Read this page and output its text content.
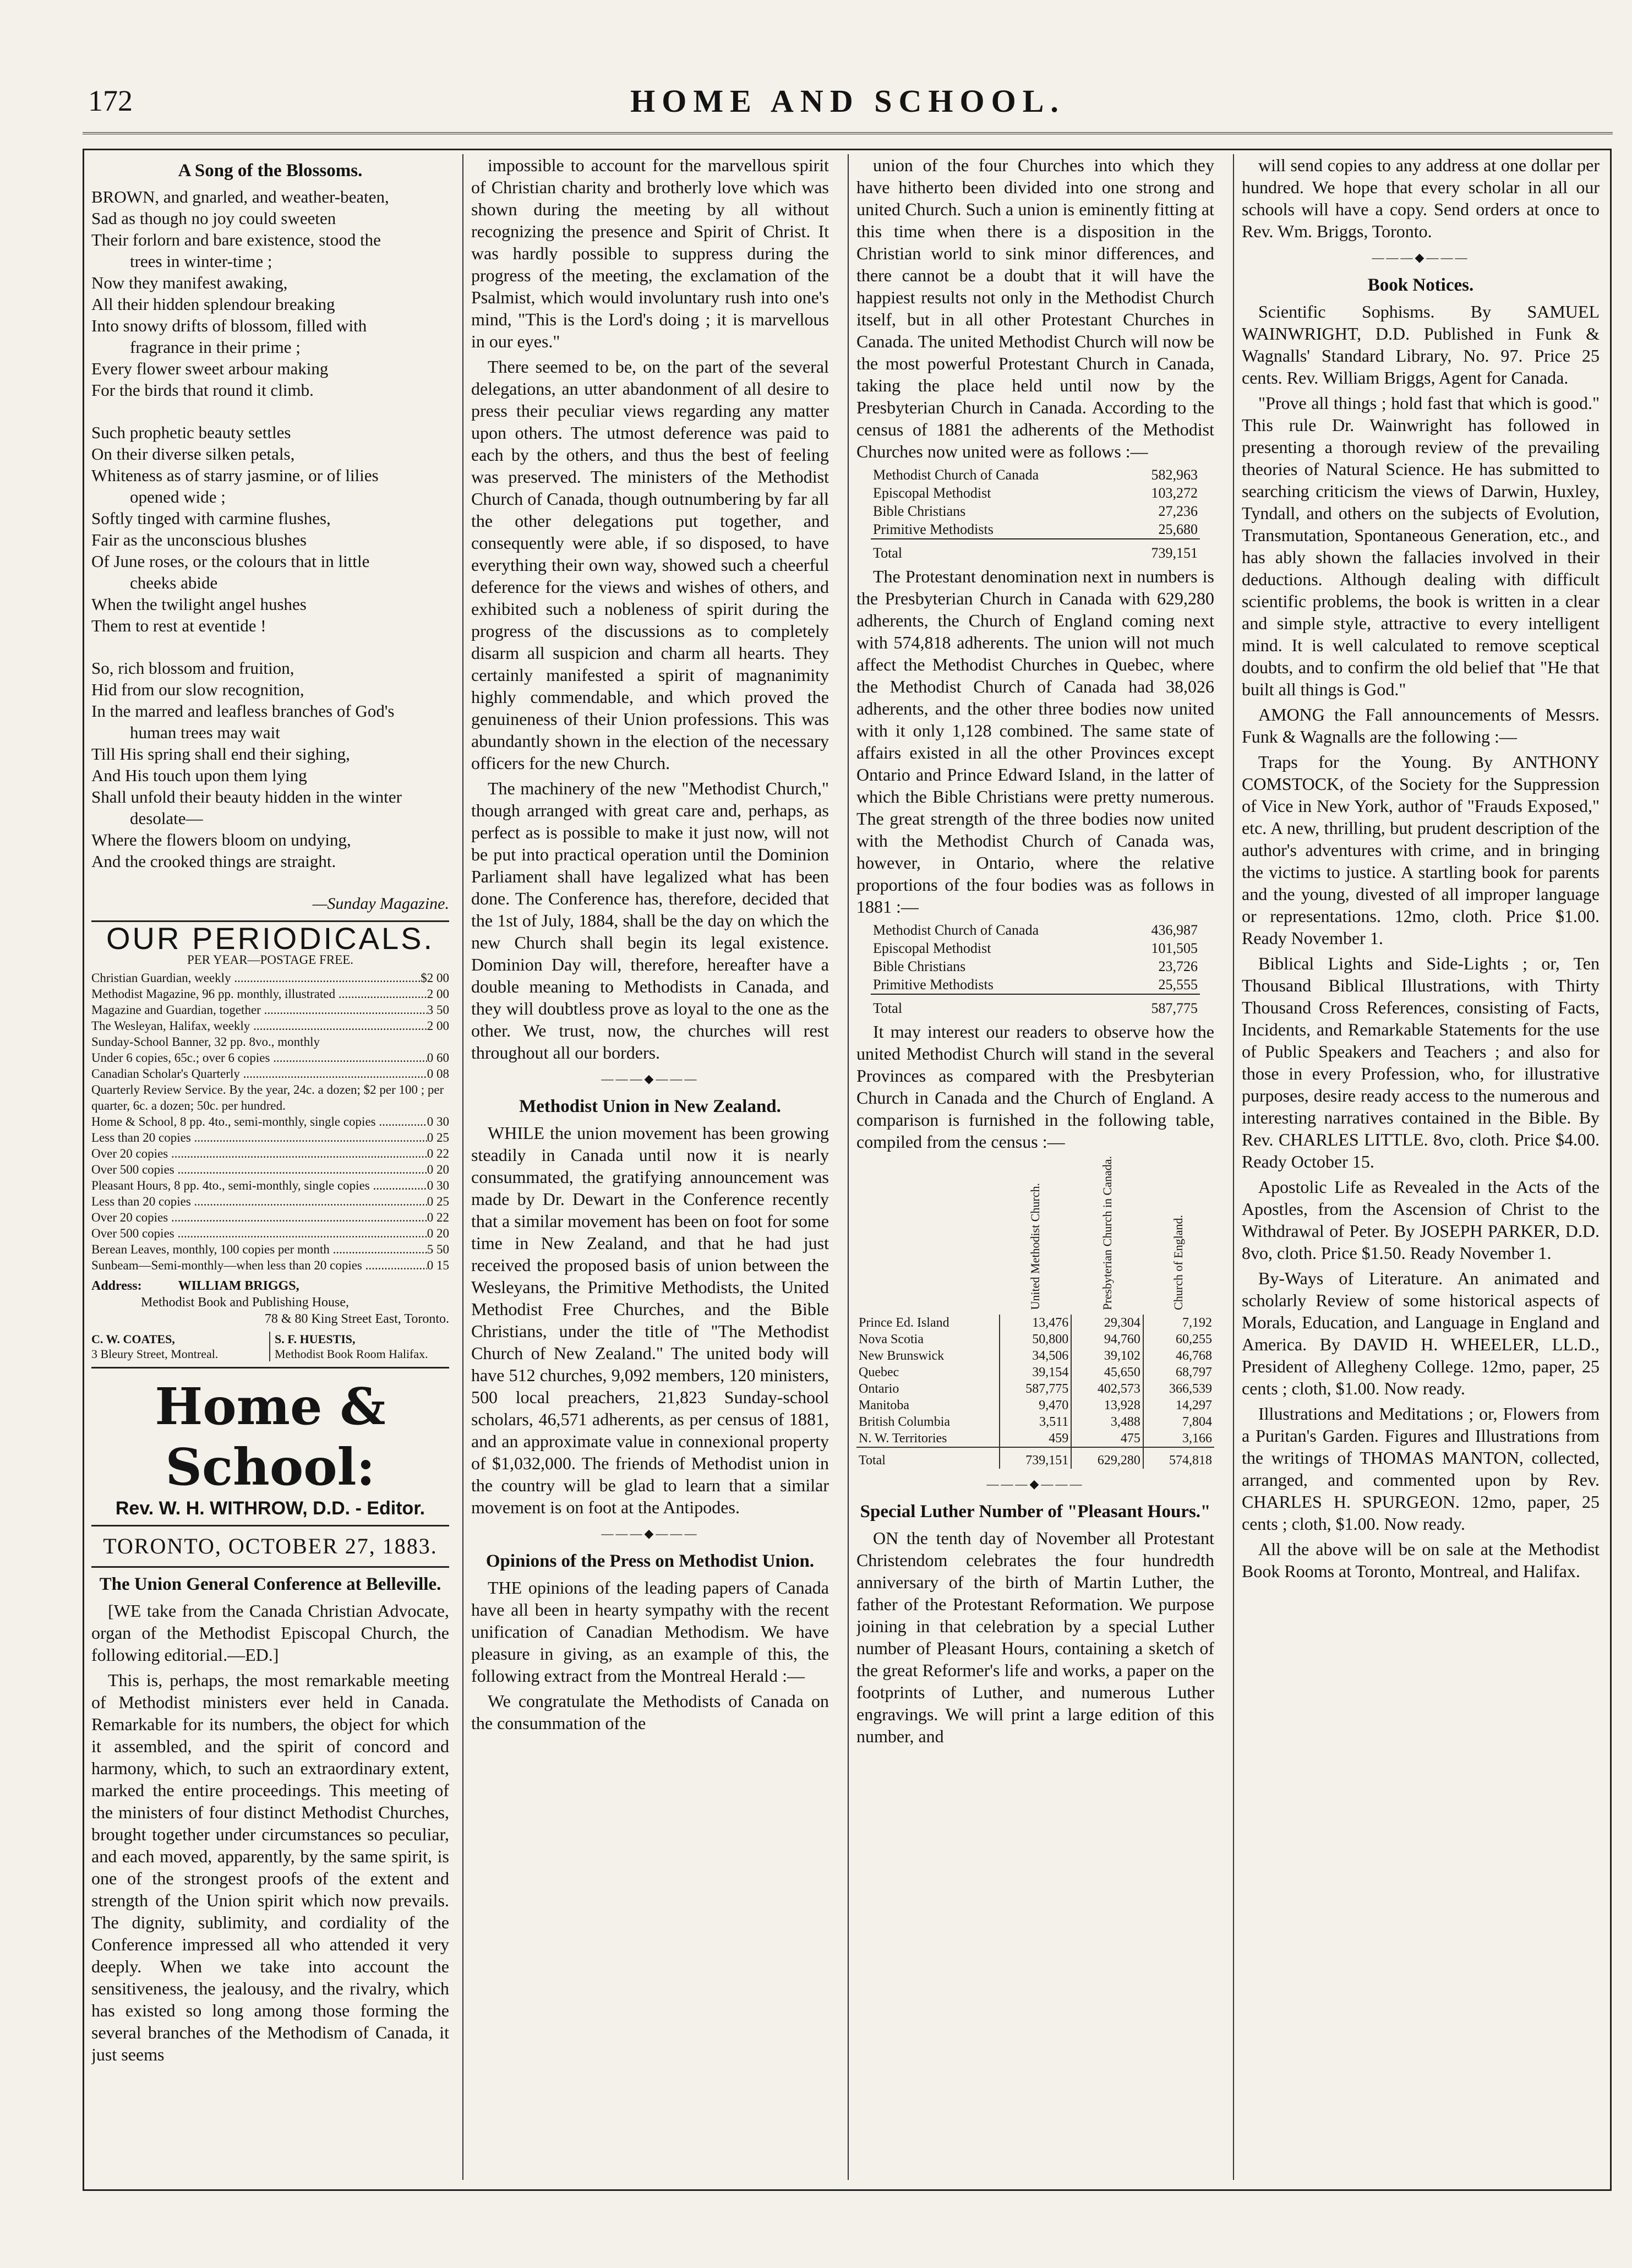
172	HOME AND SCHOOL.
A Song of the Blossoms.
BROWN, and gnarled, and weather-beaten,
Sad as though no joy could sweeten
Their forlorn and bare existence, stood the
trees in winter-time ;
Now they manifest awaking,
All their hidden splendour breaking
Into snowy drifts of blossom, filled with
fragrance in their prime ;
Every flower sweet arbour making
For the birds that round it climb.
Such prophetic beauty settles
On their diverse silken petals,
Whiteness as of starry jasmine, or of lilies
opened wide ;
Softly tinged with carmine flushes,
Fair as the unconscious blushes
Of June roses, or the colours that in little
cheeks abide
When the twilight angel hushes
Them to rest at eventide !
So, rich blossom and fruition,
Hid from our slow recognition,
In the marred and leafless branches of God's
human trees may wait
Till His spring shall end their sighing,
And His touch upon them lying
Shall unfold their beauty hidden in the winter
desolate—
Where the flowers bloom on undying,
And the crooked things are straight.
—Sunday Magazine.
OUR PERIODICALS.
PER YEAR—POSTAGE FREE.
Christian Guardian, weekly .....	$2 00
Methodist Magazine, 96 pp. monthly, illustrated .....	2 00
Magazine and Guardian, together .....	3 50
The Wesleyan, Halifax, weekly .....	2 00
Sunday-School Banner, 32 pp. 8vo., monthly
Under 6 copies, 65c.; over 6 copies .....	0 60
Canadian Scholar's Quarterly .....	0 08
Quarterly Review Service. By the year, 24c. a dozen; $2 per 100 ; per quarter, 6c. a dozen; 50c. per hundred.
Home & School, 8 pp. 4to., semi-monthly, single copies .....	0 30
Less than 20 copies .....	0 25
Over 20 copies .....	0 22
Over 500 copies .....	0 20
Pleasant Hours, 8 pp. 4to., semi-monthly, single copies .....	0 30
Less than 20 copies .....	0 25
Over 20 copies .....	0 22
Over 500 copies .....	0 20
Berean Leaves, monthly, 100 copies per month .....	5 50
Sunbeam—Semi-monthly—when less than 20 copies .....	0 15
Address:	WILLIAM BRIGGS,
Methodist Book and Publishing House,
78 & 80 King Street East, Toronto.
C. W. COATES,
3 Bleury Street, Montreal.
S. F. HUESTIS,
Methodist Book Room Halifax.
Home & School:
Rev. W. H. WITHROW, D.D. - Editor.
TORONTO, OCTOBER 27, 1883.
The Union General Conference at Belleville.

[WE take from the Canada Christian Advocate, organ of the Methodist Episcopal Church, the following editorial.—ED.]

This is, perhaps, the most remarkable meeting of Methodist ministers ever held in Canada. Remarkable for its numbers, the object for which it assembled, and the spirit of concord and harmony, which, to such an extraordinary extent, marked the entire proceedings. This meeting of the ministers of four distinct Methodist Churches, brought together under circumstances so peculiar, and each moved, apparently, by the same spirit, is one of the strongest proofs of the extent and strength of the Union spirit which now prevails. The dignity, sublimity, and cordiality of the Conference impressed all who attended it very deeply. When we take into account the sensitiveness, the jealousy, and the rivalry, which has existed so long among those forming the several branches of the Methodism of Canada, it just seems

impossible to account for the marvellous spirit of Christian charity and brotherly love which was shown during the meeting by all without recognizing the presence and Spirit of Christ. It was hardly possible to suppress during the progress of the meeting, the exclamation of the Psalmist, which would involuntary rush into one's mind, "This is the Lord's doing ; it is marvellous in our eyes."

There seemed to be, on the part of the several delegations, an utter abandonment of all desire to press their peculiar views regarding any matter upon others. The utmost deference was paid to each by the others, and thus the best of feeling was preserved. The ministers of the Methodist Church of Canada, though outnumbering by far all the other delegations put together, and consequently were able, if so disposed, to have everything their own way, showed such a cheerful deference for the views and wishes of others, and exhibited such a nobleness of spirit during the progress of the discussions as to completely disarm all suspicion and charm all hearts. They certainly manifested a spirit of magnanimity highly commendable, and which proved the genuineness of their Union professions. This was abundantly shown in the election of the necessary officers for the new Church.

The machinery of the new "Methodist Church," though arranged with great care and, perhaps, as perfect as is possible to make it just now, will not be put into practical operation until the Dominion Parliament shall have legalized what has been done. The Conference has, therefore, decided that the 1st of July, 1884, shall be the day on which the new Church shall begin its legal existence. Dominion Day will, therefore, hereafter have a double meaning to Methodists in Canada, and they will doubtless prove as loyal to the one as the other. We trust, now, the churches will rest throughout all our borders.

———◆———
Methodist Union in New Zealand.

WHILE the union movement has been growing steadily in Canada until now it is nearly consummated, the gratifying announcement was made by Dr. Dewart in the Conference recently that a similar movement has been on foot for some time in New Zealand, and that he had just received the proposed basis of union between the Wesleyans, the Primitive Methodists, the United Methodist Free Churches, and the Bible Christians, under the title of "The Methodist Church of New Zealand." The united body will have 512 churches, 9,092 members, 120 ministers, 500 local preachers, 21,823 Sunday-school scholars, 46,571 adherents, as per census of 1881, and an approximate value in connexional property of $1,032,000. The friends of Methodist union in the country will be glad to learn that a similar movement is on foot at the Antipodes.

———◆———
Opinions of the Press on Methodist Union.

THE opinions of the leading papers of Canada have all been in hearty sympathy with the recent unification of Canadian Methodism. We have pleasure in giving, as an example of this, the following extract from the Montreal Herald :—

We congratulate the Methodists of Canada on the consummation of the

union of the four Churches into which they have hitherto been divided into one strong and united Church. Such a union is eminently fitting at this time when there is a disposition in the Christian world to sink minor differences, and there cannot be a doubt that it will have the happiest results not only in the Methodist Church itself, but in all other Protestant Churches in Canada. The united Methodist Church will now be the most powerful Protestant Church in Canada, taking the place held until now by the Presbyterian Church in Canada. According to the census of 1881 the adherents of the Methodist Churches now united were as follows :—

Methodist Church of Canada	582,963
Episcopal Methodist	103,272
Bible Christians	27,236
Primitive Methodists	25,680
Total	739,151

The Protestant denomination next in numbers is the Presbyterian Church in Canada with 629,280 adherents, the Church of England coming next with 574,818 adherents. The union will not much affect the Methodist Churches in Quebec, where the Methodist Church of Canada had 38,026 adherents, and the other three bodies now united with it only 1,128 combined. The same state of affairs existed in all the other Provinces except Ontario and Prince Edward Island, in the latter of which the Bible Christians were pretty numerous. The great strength of the three bodies now united with the Methodist Church of Canada was, however, in Ontario, where the relative proportions of the four bodies was as follows in 1881 :—

Methodist Church of Canada	436,987
Episcopal Methodist	101,505
Bible Christians	23,726
Primitive Methodists	25,555
Total	587,775

It may interest our readers to observe how the united Methodist Church will stand in the several Provinces as compared with the Presbyterian Church in Canada and the Church of England. A comparison is furnished in the following table, compiled from the census :—

	United Methodist Church.	Presbyterian Church in Canada.	Church of England.
Prince Ed. Island	13,476	29,304	7,192
Nova Scotia	50,800	94,760	60,255
New Brunswick	34,506	39,102	46,768
Quebec	39,154	45,650	68,797
Ontario	587,775	402,573	366,539
Manitoba	9,470	13,928	14,297
British Columbia	3,511	3,488	7,804
N. W. Territories	459	475	3,166
Total	739,151	629,280	574,818
———◆———
Special Luther Number of "Pleasant Hours."

ON the tenth day of November all Protestant Christendom celebrates the four hundredth anniversary of the birth of Martin Luther, the father of the Protestant Reformation. We purpose joining in that celebration by a special Luther number of Pleasant Hours, containing a sketch of the great Reformer's life and works, a paper on the footprints of Luther, and numerous Luther engravings. We will print a large edition of this number, and

will send copies to any address at one dollar per hundred. We hope that every scholar in all our schools will have a copy. Send orders at once to Rev. Wm. Briggs, Toronto.

———◆———
Book Notices.

Scientific Sophisms. By SAMUEL WAINWRIGHT, D.D. Published in Funk & Wagnalls' Standard Library, No. 97. Price 25 cents. Rev. William Briggs, Agent for Canada.

"Prove all things ; hold fast that which is good." This rule Dr. Wainwright has followed in presenting a thorough review of the prevailing theories of Natural Science. He has submitted to searching criticism the views of Darwin, Huxley, Tyndall, and others on the subjects of Evolution, Transmutation, Spontaneous Generation, etc., and has ably shown the fallacies involved in their deductions. Although dealing with difficult scientific problems, the book is written in a clear and simple style, attractive to every intelligent mind. It is well calculated to remove sceptical doubts, and to confirm the old belief that "He that built all things is God."

AMONG the Fall announcements of Messrs. Funk & Wagnalls are the following :—

Traps for the Young. By ANTHONY COMSTOCK, of the Society for the Suppression of Vice in New York, author of "Frauds Exposed," etc. A new, thrilling, but prudent description of the author's adventures with crime, and in bringing the victims to justice. A startling book for parents and the young, divested of all improper language or representations. 12mo, cloth. Price $1.00. Ready November 1.

Biblical Lights and Side-Lights ; or, Ten Thousand Biblical Illustrations, with Thirty Thousand Cross References, consisting of Facts, Incidents, and Remarkable Statements for the use of Public Speakers and Teachers ; and also for those in every Profession, who, for illustrative purposes, desire ready access to the numerous and interesting narratives contained in the Bible. By Rev. CHARLES LITTLE. 8vo, cloth. Price $4.00. Ready October 15.

Apostolic Life as Revealed in the Acts of the Apostles, from the Ascension of Christ to the Withdrawal of Peter. By JOSEPH PARKER, D.D. 8vo, cloth. Price $1.50. Ready November 1.

By-Ways of Literature. An animated and scholarly Review of some historical aspects of Morals, Education, and Language in England and America. By DAVID H. WHEELER, LL.D., President of Allegheny College. 12mo, paper, 25 cents ; cloth, $1.00. Now ready.

Illustrations and Meditations ; or, Flowers from a Puritan's Garden. Figures and Illustrations from the writings of THOMAS MANTON, collected, arranged, and commented upon by Rev. CHARLES H. SPURGEON. 12mo, paper, 25 cents ; cloth, $1.00. Now ready.

All the above will be on sale at the Methodist Book Rooms at Toronto, Montreal, and Halifax.
